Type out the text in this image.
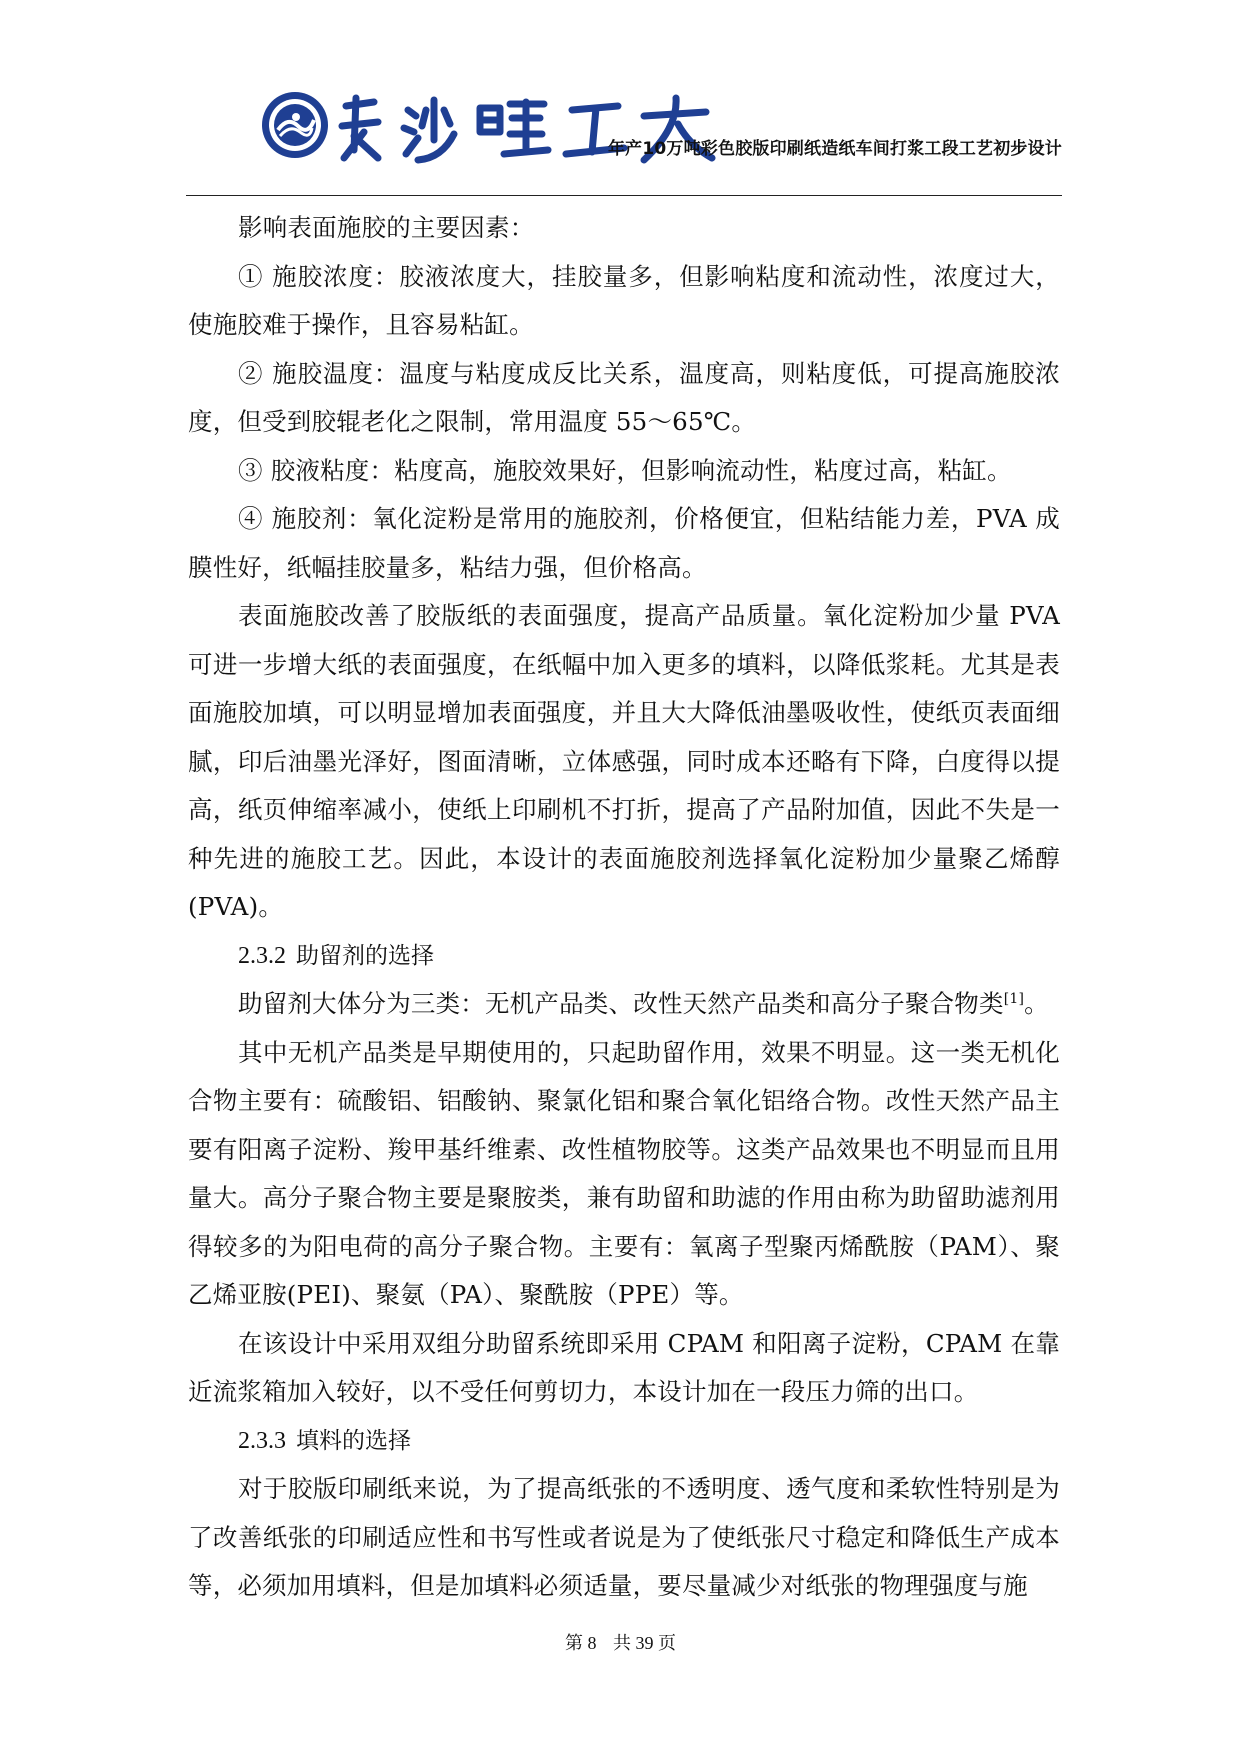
年产10万吨彩色胶版印刷纸造纸车间打浆工段工艺初步设计

影响表面施胶的主要因素：

① 施胶浓度：胶液浓度大，挂胶量多，但影响粘度和流动性，浓度过大，使施胶难于操作，且容易粘缸。

② 施胶温度：温度与粘度成反比关系，温度高，则粘度低，可提高施胶浓度，但受到胶辊老化之限制，常用温度 55～65℃。

③ 胶液粘度：粘度高，施胶效果好，但影响流动性，粘度过高，粘缸。

④ 施胶剂：氧化淀粉是常用的施胶剂，价格便宜，但粘结能力差，PVA 成膜性好，纸幅挂胶量多，粘结力强，但价格高。

表面施胶改善了胶版纸的表面强度，提高产品质量。氧化淀粉加少量 PVA 可进一步增大纸的表面强度，在纸幅中加入更多的填料，以降低浆耗。尤其是表面施胶加填，可以明显增加表面强度，并且大大降低油墨吸收性，使纸页表面细腻，印后油墨光泽好，图面清晰，立体感强，同时成本还略有下降，白度得以提高，纸页伸缩率减小，使纸上印刷机不打折，提高了产品附加值，因此不失是一种先进的施胶工艺。因此，本设计的表面施胶剂选择氧化淀粉加少量聚乙烯醇(PVA)。

2.3.2 助留剂的选择

助留剂大体分为三类：无机产品类、改性天然产品类和高分子聚合物类[1]。

其中无机产品类是早期使用的，只起助留作用，效果不明显。这一类无机化合物主要有：硫酸铝、铝酸钠、聚氯化铝和聚合氧化铝络合物。改性天然产品主要有阳离子淀粉、羧甲基纤维素、改性植物胶等。这类产品效果也不明显而且用量大。高分子聚合物主要是聚胺类，兼有助留和助滤的作用由称为助留助滤剂用得较多的为阳电荷的高分子聚合物。主要有：氧离子型聚丙烯酰胺（PAM）、聚乙烯亚胺(PEI)、聚氨（PA）、聚酰胺（PPE）等。

在该设计中采用双组分助留系统即采用 CPAM 和阳离子淀粉，CPAM 在靠近流浆箱加入较好，以不受任何剪切力，本设计加在一段压力筛的出口。

2.3.3 填料的选择

对于胶版印刷纸来说，为了提高纸张的不透明度、透气度和柔软性特别是为了改善纸张的印刷适应性和书写性或者说是为了使纸张尺寸稳定和降低生产成本等，必须加用填料，但是加填料必须适量，要尽量减少对纸张的物理强度与施

第 8 共 39 页
